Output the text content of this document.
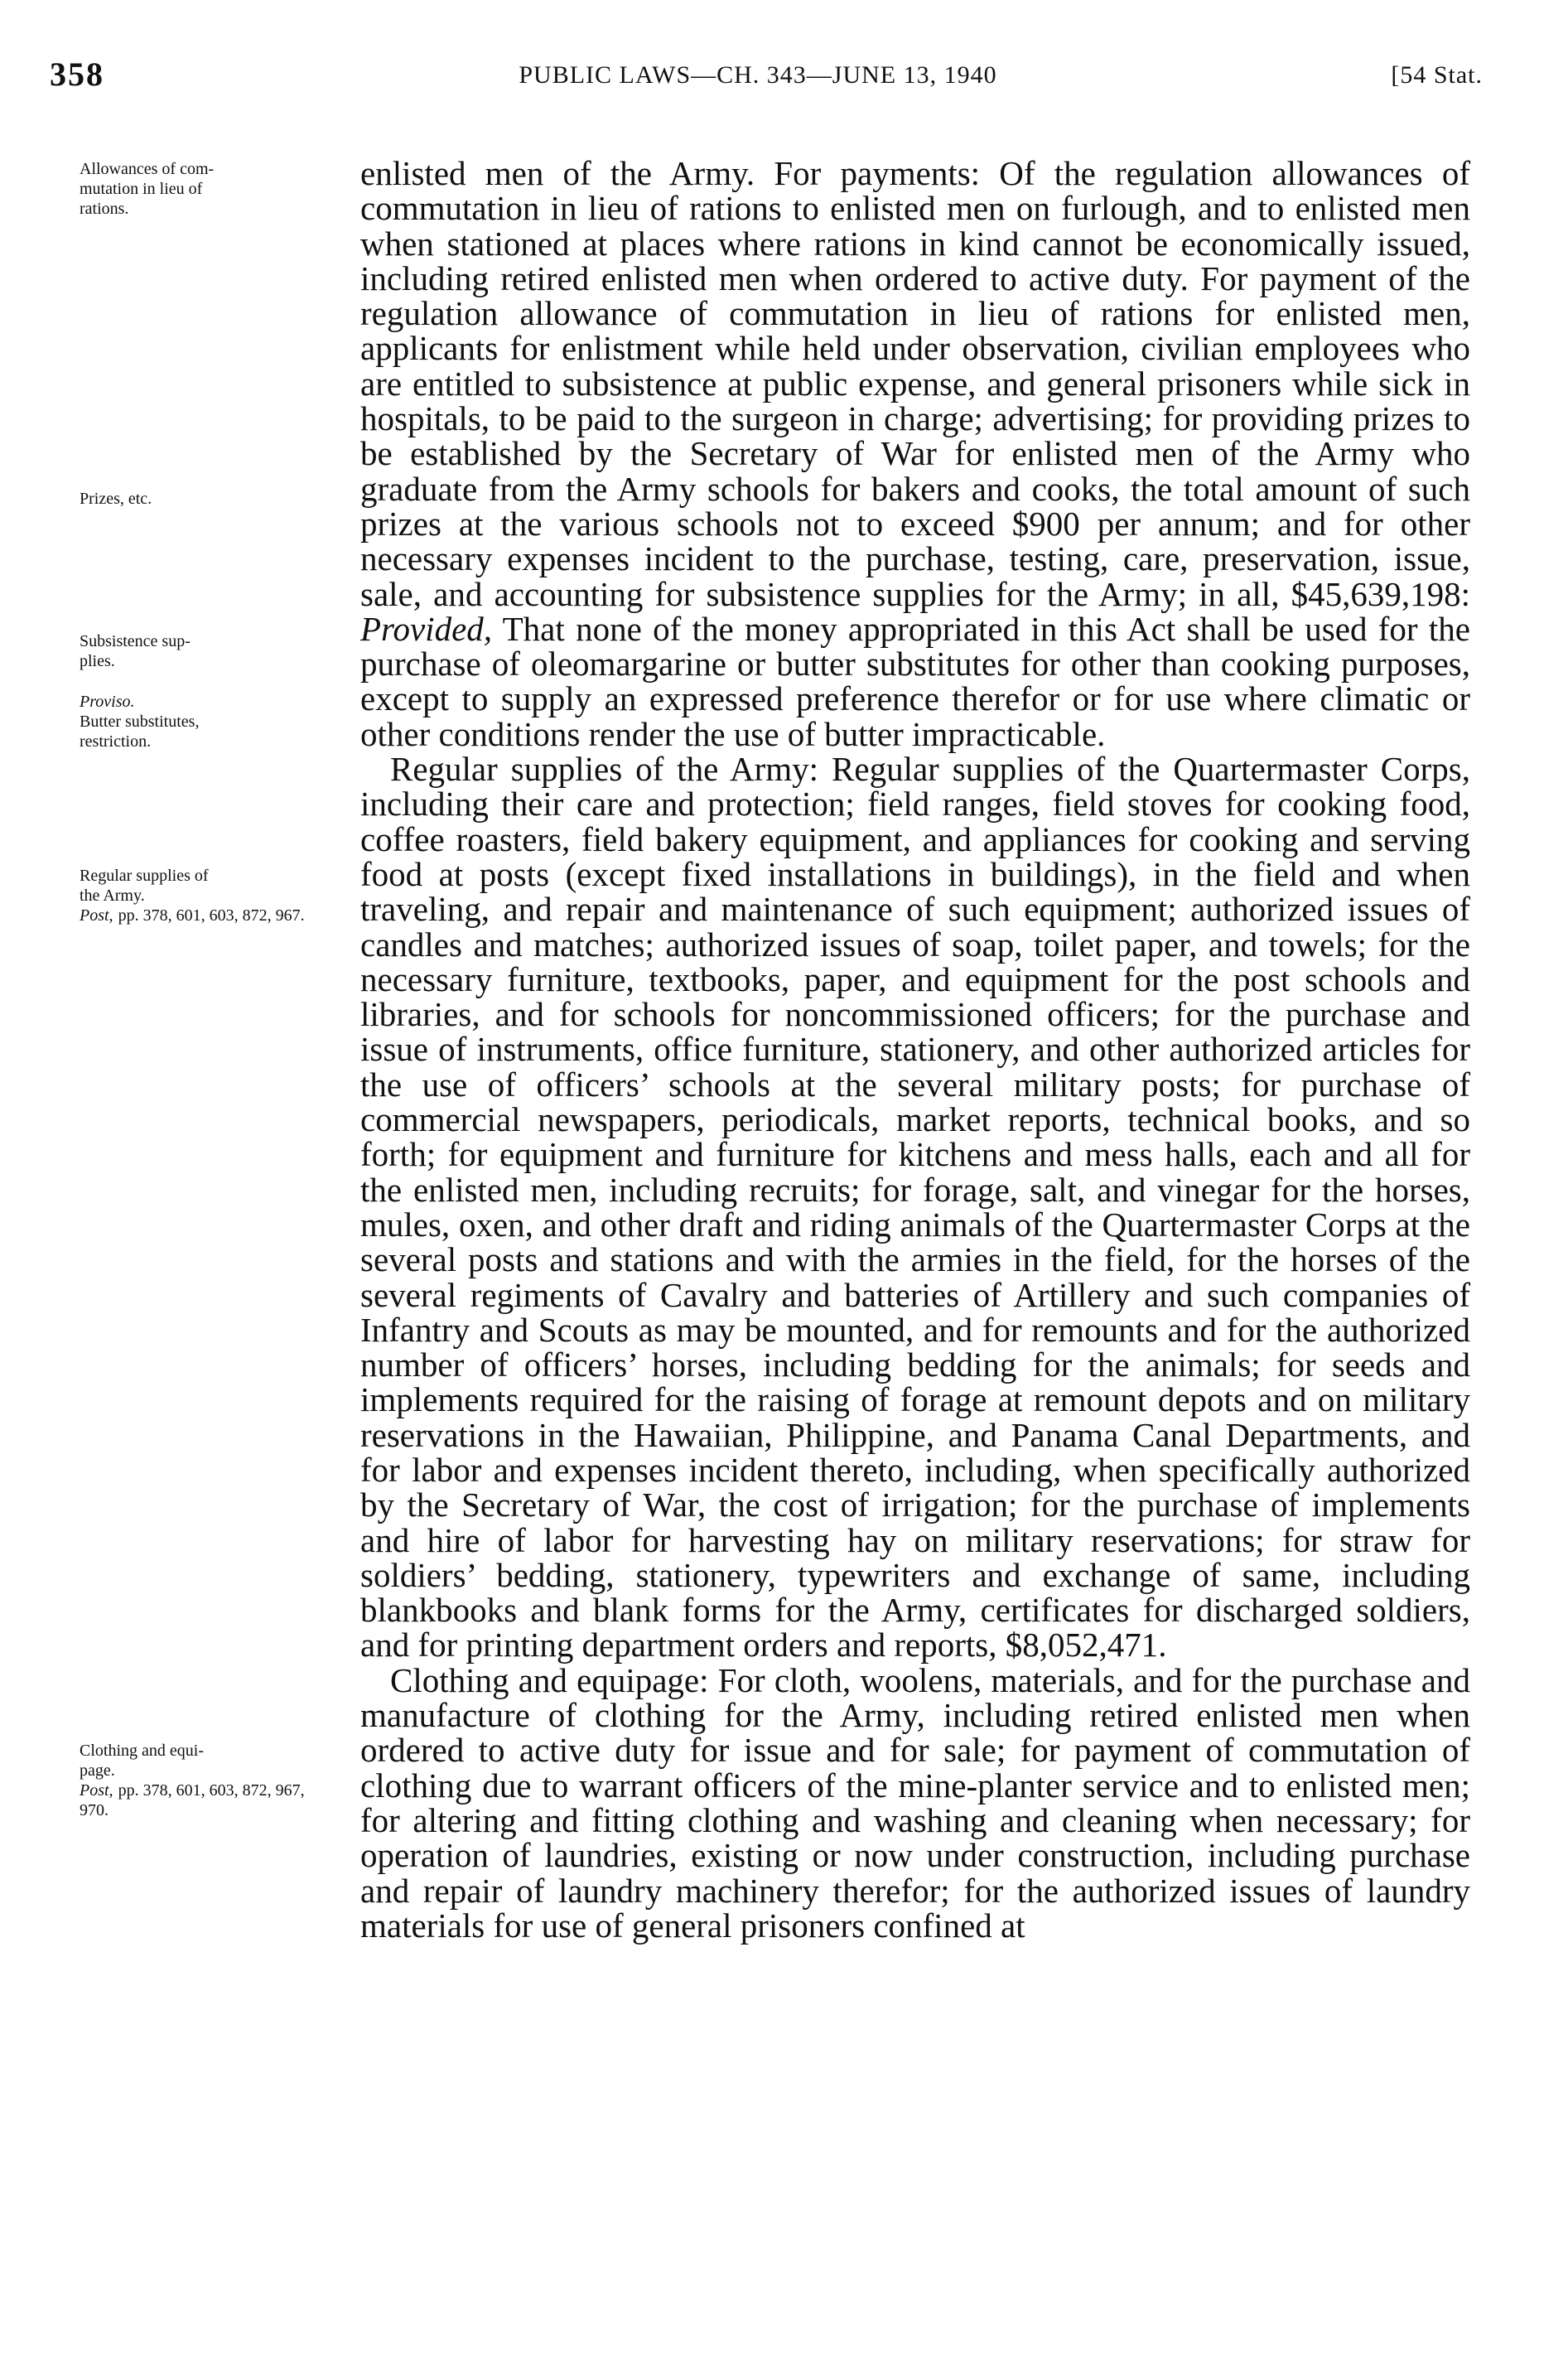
358	PUBLIC LAWS—CH. 343—JUNE 13, 1940	[54 Stat.
Allowances of com-
mutation in lieu of
rations.
Prizes, etc.
Subsistence sup-
plies.
Proviso.
Butter substitutes,
restriction.
Regular supplies of
the Army.
Post, pp. 378, 601, 603, 872, 967.
Clothing and equi-
page.
Post, pp. 378, 601, 603, 872, 967, 970.

enlisted men of the Army. For payments: Of the regulation allowances of commutation in lieu of rations to enlisted men on furlough, and to enlisted men when stationed at places where rations in kind cannot be economically issued, including retired enlisted men when ordered to active duty. For payment of the regulation allowance of commutation in lieu of rations for enlisted men, applicants for enlistment while held under observation, civilian employees who are entitled to subsistence at public expense, and general prisoners while sick in hospitals, to be paid to the surgeon in charge; advertising; for providing prizes to be established by the Secretary of War for enlisted men of the Army who graduate from the Army schools for bakers and cooks, the total amount of such prizes at the various schools not to exceed $900 per annum; and for other necessary expenses incident to the purchase, testing, care, preservation, issue, sale, and accounting for subsistence supplies for the Army; in all, $45,639,198: Provided, That none of the money appropriated in this Act shall be used for the purchase of oleomargarine or butter substitutes for other than cooking purposes, except to supply an expressed preference therefor or for use where climatic or other conditions render the use of butter impracticable.

Regular supplies of the Army: Regular supplies of the Quartermaster Corps, including their care and protection; field ranges, field stoves for cooking food, coffee roasters, field bakery equipment, and appliances for cooking and serving food at posts (except fixed installations in buildings), in the field and when traveling, and repair and maintenance of such equipment; authorized issues of candles and matches; authorized issues of soap, toilet paper, and towels; for the necessary furniture, textbooks, paper, and equipment for the post schools and libraries, and for schools for noncommissioned officers; for the purchase and issue of instruments, office furniture, stationery, and other authorized articles for the use of officers’ schools at the several military posts; for purchase of commercial newspapers, periodicals, market reports, technical books, and so forth; for equipment and furniture for kitchens and mess halls, each and all for the enlisted men, including recruits; for forage, salt, and vinegar for the horses, mules, oxen, and other draft and riding animals of the Quartermaster Corps at the several posts and stations and with the armies in the field, for the horses of the several regiments of Cavalry and batteries of Artillery and such companies of Infantry and Scouts as may be mounted, and for remounts and for the authorized number of officers’ horses, including bedding for the animals; for seeds and implements required for the raising of forage at remount depots and on military reservations in the Hawaiian, Philippine, and Panama Canal Departments, and for labor and expenses incident thereto, including, when specifically authorized by the Secretary of War, the cost of irrigation; for the purchase of implements and hire of labor for harvesting hay on military reservations; for straw for soldiers’ bedding, stationery, typewriters and exchange of same, including blankbooks and blank forms for the Army, certificates for discharged soldiers, and for printing department orders and reports, $8,052,471.

Clothing and equipage: For cloth, woolens, materials, and for the purchase and manufacture of clothing for the Army, including retired enlisted men when ordered to active duty for issue and for sale; for payment of commutation of clothing due to warrant officers of the mine-planter service and to enlisted men; for altering and fitting clothing and washing and cleaning when necessary; for operation of laundries, existing or now under construction, including purchase and repair of laundry machinery therefor; for the authorized issues of laundry materials for use of general prisoners confined at
